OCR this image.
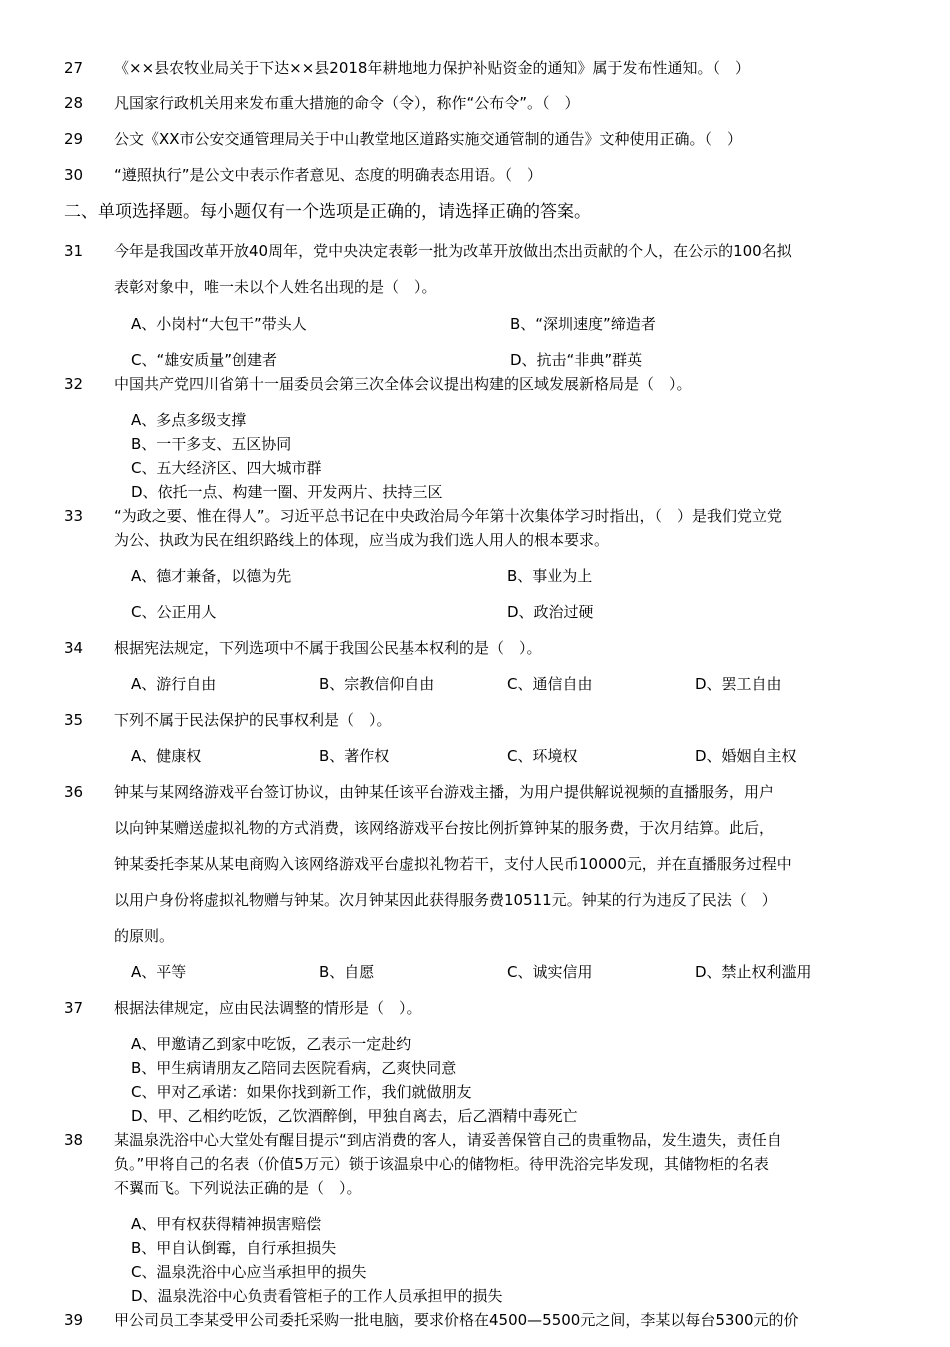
27 《××县农牧业局关于下达××县2018年耕地地力保护补贴资金的通知》属于发布性通知。（　）
28 凡国家行政机关用来发布重大措施的命令（令），称作“公布令”。（　）
29 公文《XX市公安交通管理局关于中山教堂地区道路实施交通管制的通告》文种使用正确。（　）
30 “遵照执行”是公文中表示作者意见、态度的明确表态用语。（　）
二、单项选择题。每小题仅有一个选项是正确的，请选择正确的答案。
31 今年是我国改革开放40周年，党中央决定表彰一批为改革开放做出杰出贡献的个人，在公示的100名拟
表彰对象中，唯一未以个人姓名出现的是（　）。
A、小岗村“大包干”带头人	B、“深圳速度”缔造者
C、“雄安质量”创建者	D、抗击“非典”群英
32 中国共产党四川省第十一届委员会第三次全体会议提出构建的区域发展新格局是（　）。
A、多点多级支撑
B、一干多支、五区协同
C、五大经济区、四大城市群
D、依托一点、构建一圈、开发两片、扶持三区
33 “为政之要、惟在得人”。习近平总书记在中央政治局今年第十次集体学习时指出，（　）是我们党立党
为公、执政为民在组织路线上的体现，应当成为我们选人用人的根本要求。
A、德才兼备，以德为先	B、事业为上
C、公正用人	D、政治过硬
34 根据宪法规定，下列选项中不属于我国公民基本权利的是（　）。
A、游行自由	B、宗教信仰自由	C、通信自由	D、罢工自由
35 下列不属于民法保护的民事权利是（　）。
A、健康权	B、著作权	C、环境权	D、婚姻自主权
36 钟某与某网络游戏平台签订协议，由钟某任该平台游戏主播，为用户提供解说视频的直播服务，用户
以向钟某赠送虚拟礼物的方式消费，该网络游戏平台按比例折算钟某的服务费，于次月结算。此后，
钟某委托李某从某电商购入该网络游戏平台虚拟礼物若干，支付人民币10000元，并在直播服务过程中
以用户身份将虚拟礼物赠与钟某。次月钟某因此获得服务费10511元。钟某的行为违反了民法（　）
的原则。
A、平等	B、自愿	C、诚实信用	D、禁止权利滥用
37 根据法律规定，应由民法调整的情形是（　）。
A、甲邀请乙到家中吃饭，乙表示一定赴约
B、甲生病请朋友乙陪同去医院看病，乙爽快同意
C、甲对乙承诺：如果你找到新工作，我们就做朋友
D、甲、乙相约吃饭，乙饮酒醉倒，甲独自离去，后乙酒精中毒死亡
38 某温泉洗浴中心大堂处有醒目提示“到店消费的客人，请妥善保管自己的贵重物品，发生遗失，责任自
负。”甲将自己的名表（价值5万元）锁于该温泉中心的储物柜。待甲洗浴完毕发现，其储物柜的名表
不翼而飞。下列说法正确的是（　）。
A、甲有权获得精神损害赔偿
B、甲自认倒霉，自行承担损失
C、温泉洗浴中心应当承担甲的损失
D、温泉洗浴中心负责看管柜子的工作人员承担甲的损失
39 甲公司员工李某受甲公司委托采购一批电脑，要求价格在4500—5500元之间，李某以每台5300元的价
